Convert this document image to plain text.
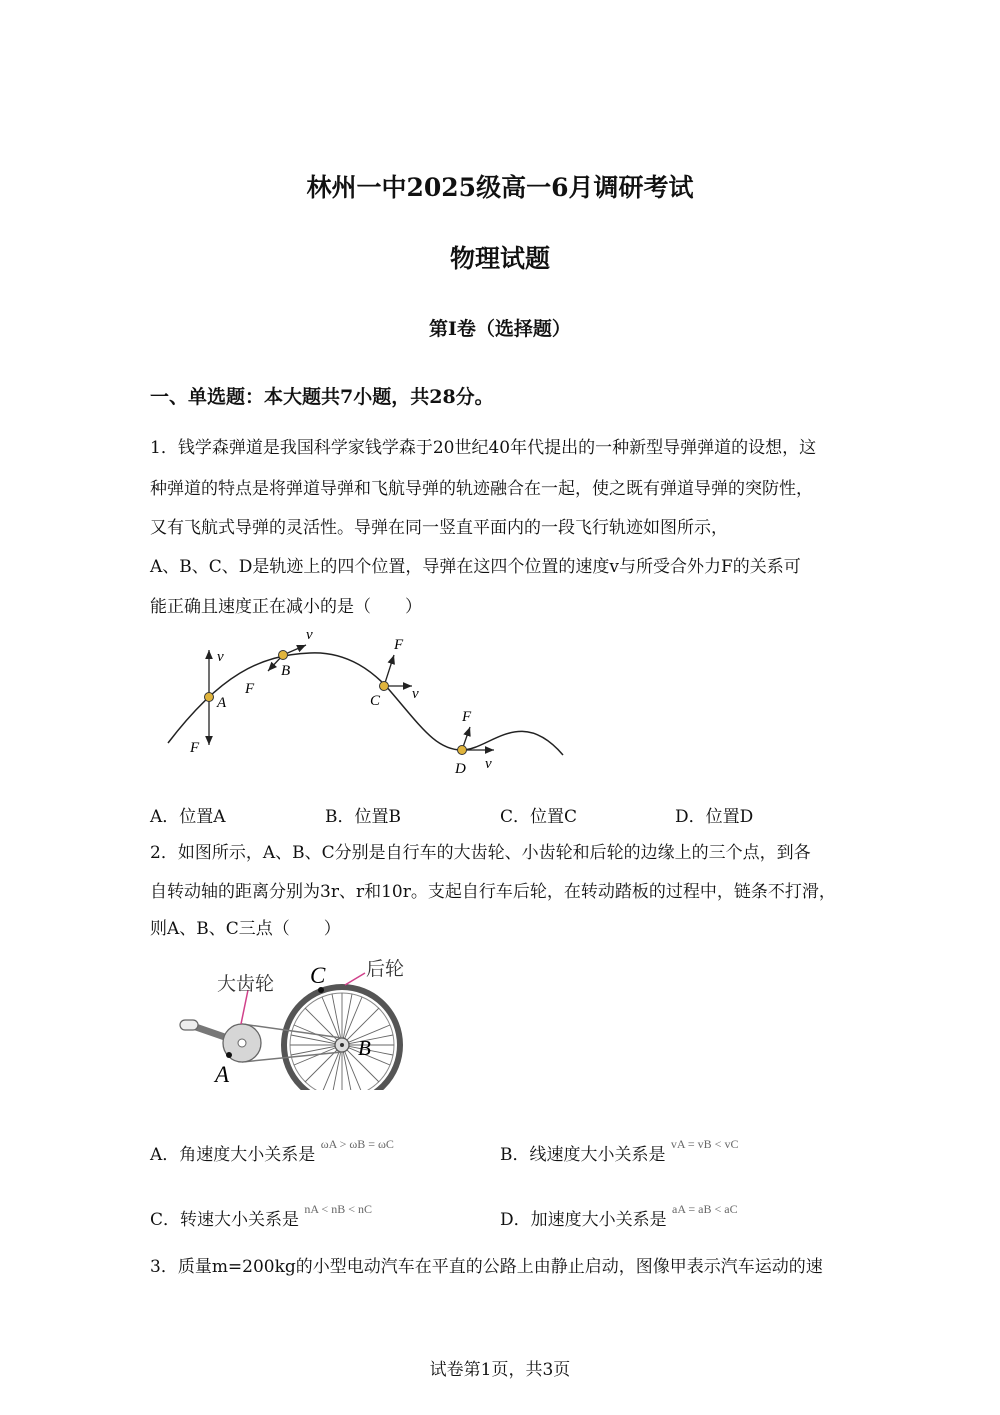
林州一中2025级高一6月调研考试
物理试题
第Ⅰ卷（选择题）
一、单选题：本大题共7小题，共28分。
1．钱学森弹道是我国科学家钱学森于20世纪40年代提出的一种新型导弹弹道的设想，这
种弹道的特点是将弹道导弹和飞航导弹的轨迹融合在一起，使之既有弹道导弹的突防性，
又有飞航式导弹的灵活性。导弹在同一竖直平面内的一段飞行轨迹如图所示，
A、B、C、D是轨迹上的四个位置，导弹在这四个位置的速度v与所受合外力F的关系可
能正确且速度正在减小的是（　　）
v
A
F
v
B
F
F
v
C
F
v
D
A．位置A	B．位置B	C．位置C	D．位置D
2．如图所示，A、B、C分别是自行车的大齿轮、小齿轮和后轮的边缘上的三个点，到各
自转动轴的距离分别为3r、r和10r。支起自行车后轮，在转动踏板的过程中，链条不打滑，
则A、B、C三点（　　）
大齿轮
后轮
C
B
A
A．角速度大小关系是 $^{\omega A > \omega B = \omega C}$
B．线速度大小关系是 $^{vA = vB < vC}$
C．转速大小关系是 $^{nA < nB < nC}$
D．加速度大小关系是 $^{aA = aB < aC}$
3．质量m=200kg的小型电动汽车在平直的公路上由静止启动，图像甲表示汽车运动的速
试卷第1页，共3页
